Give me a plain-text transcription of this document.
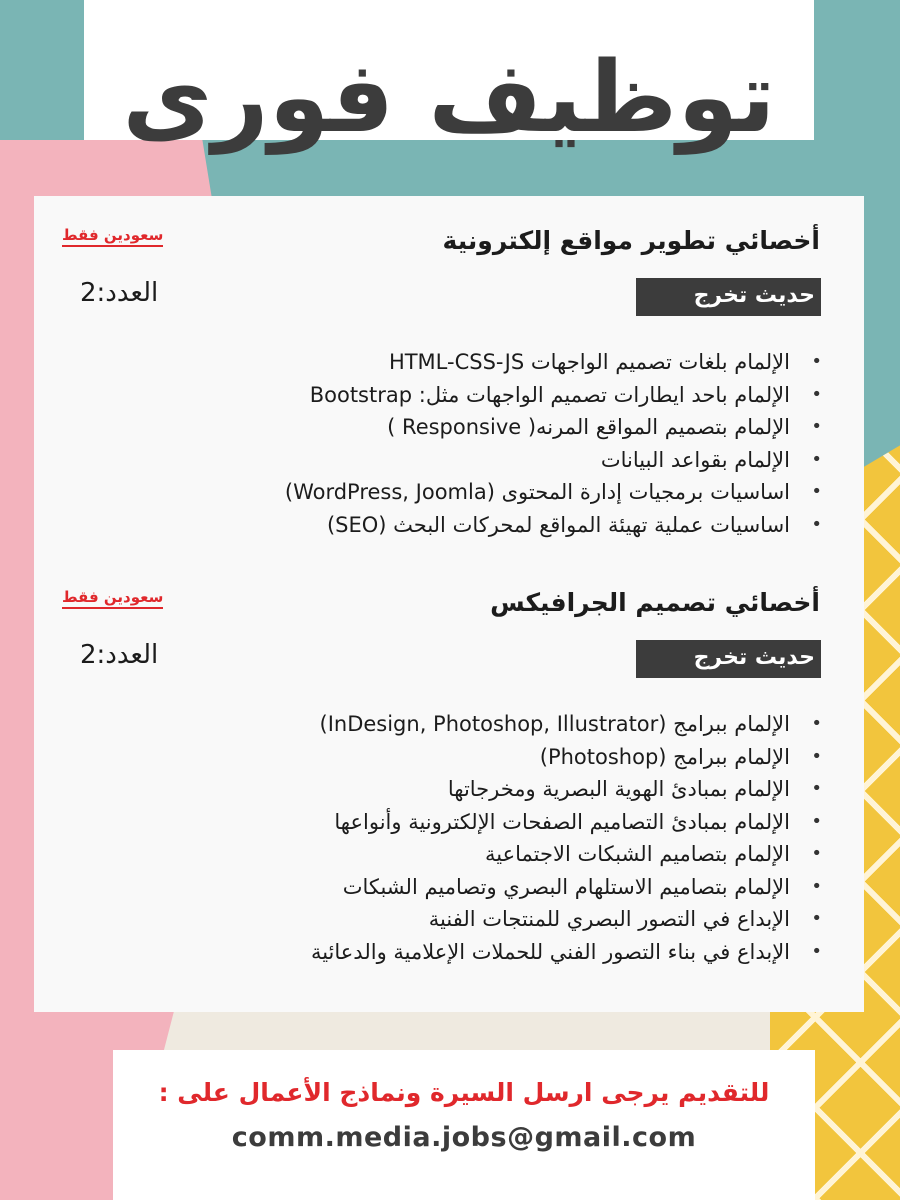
توظيف فورى
أخصائي تطوير مواقع إلكترونية
سعودين فقط
العدد:2	حديث تخرج
•
الإلمام بلغات تصميم الواجهات HTML-CSS-JS
•
الإلمام باحد ايطارات تصميم الواجهات مثل: Bootstrap
•
الإلمام بتصميم المواقع المرنه( Responsive )
•
الإلمام بقواعد البيانات
•
اساسيات برمجيات إدارة المحتوى (WordPress, Joomla)
•
اساسيات عملية تهيئة المواقع لمحركات البحث (SEO)
أخصائي تصميم الجرافيكس
سعودين فقط
العدد:2	حديث تخرج
•
الإلمام ببرامج (InDesign, Photoshop, Illustrator)
•
الإلمام ببرامج (Photoshop)
•
الإلمام بمبادئ الهوية البصرية ومخرجاتها
•
الإلمام بمبادئ التصاميم الصفحات الإلكترونية وأنواعها
•
الإلمام بتصاميم الشبكات الاجتماعية
•
الإلمام بتصاميم الاستلهام البصري وتصاميم الشبكات
•
الإبداع في التصور البصري للمنتجات الفنية
•
الإبداع في بناء التصور الفني للحملات الإعلامية والدعائية
للتقديم يرجى ارسل السيرة ونماذج الأعمال على :
comm.media.jobs@gmail.com
